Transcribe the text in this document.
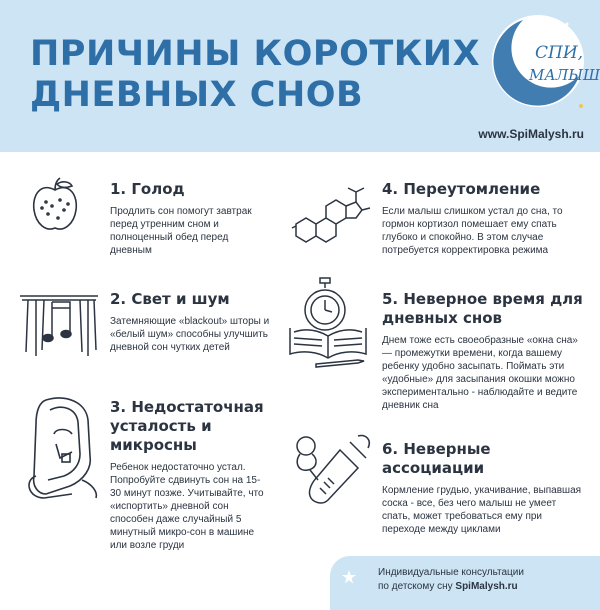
ПРИЧИНЫ КОРОТКИХ
ДНЕВНЫХ СНОВ
СПИ,
МАЛЫШ
www.SpiMalysh.ru
1. Голод

Продлить сон помогут завтрак перед утренним сном и полноценный обед перед дневным

2. Свет и шум

Затемняющие «blackout» шторы и «белый шум» способны улучшить дневной сон чутких детей

3. Недостаточная усталость и микросны

Ребенок недостаточно устал. Попробуйте сдвинуть сон на 15-30 минут позже. Учитывайте, что «испортить» дневной сон способен даже случайный 5 минутный микро-сон в машине или возле груди

4. Переутомление

Если малыш слишком устал до сна, то гормон кортизол помешает ему спать глубоко и спокойно. В этом случае потребуется корректировка режима

5. Неверное время для дневных снов

Днем тоже есть своеобразные «окна сна» — промежутки времени, когда вашему ребенку удобно засыпать. Поймать эти «удобные» для засыпания окошки можно экспериментально - наблюдайте и ведите дневник сна

6. Неверные ассоциации

Кормление грудью, укачивание, выпавшая соска - все, без чего малыш не умеет спать, может требоваться ему при переходе между циклами

Индивидуальные консультации
по детскому сну SpiMalysh.ru
